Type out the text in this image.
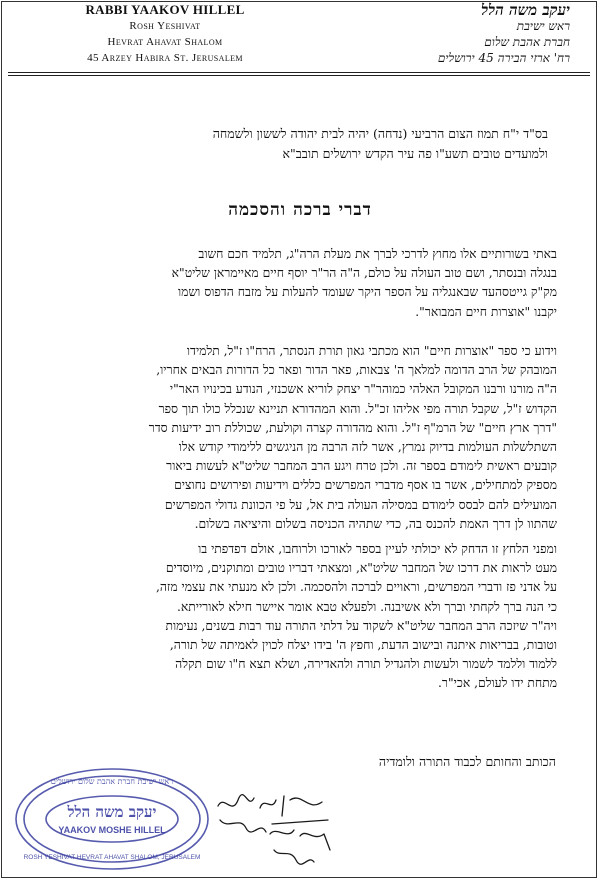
RABBI YAAKOV HILLEL
Rosh Yeshivat
Hevrat Ahavat Shalom
45 Arzey Habira St. Jerusalem
יעקב משה הלל
ראש ישיבת
חברת אהבת שלום
רח' ארזי הבירה 45 ירושלים
בס"ד י"ח תמוז הצום הרביעי (נדחה) יהיה לבית יהודה לששון ולשמחה
ולמועדים טובים תשע"ו פה עיר הקדש ירושלים תובב"א
דברי ברכה והסכמה
באתי בשורותיים אלו מחוץ לדרכי לברך את מעלת הרה"ג, תלמיד חכם חשוב
בנגלה ובנסתר, ושם טוב העולה על כולם, ה"ה הר"ר יוסף חיים מאיימראן שליט"א
מק"ק גייטסהעד שבאנגליה על הספר היקר שעומד להעלות על מזבח הדפוס ושמו
יקבנו "אוצרות חיים המבואר".
וידוע כי ספר "אוצרות חיים" הוא מכתבי גאון תורת הנסתר, הרח"ו ז"ל, תלמידו
המובהק של הרב הדומה למלאך ה' צבאות, פאר הדור ופאר כל הדורות הבאים אחריו,
ה"ה מורנו ורבנו המקובל האלהי כמוהר"ר יצחק לוריא אשכנזי, הנודע בכינויו האר"י
הקדוש ז"ל, שקבל תורה מפי אליהו זכ"ל. והוא המהדורא תניינא שנכלל כולו תוך ספר
"דרך ארץ חיים" של הרמ"ף ז"ל. והוא מהדורה קצרה וקולעת, שכוללת רוב ידיעות סדר
השתלשלות העולמות בדיוק נמרץ, אשר לזה הרבה מן הניגשים ללימודי קודש אלו
קובעים ראשית לימודם בספר זה. ולכן טרח ויגע הרב המחבר שליט"א לעשות ביאור
מספיק למתחילים, אשר בו אסף מדברי המפרשים כללים וידיעות ופירושים נחוצים
המועילים להם לבסס לימודם במסילה העולה בית אל, על פי הכוונת גדולי המפרשים
שהתוו לן דרך האמת להכנס בה, כדי שתהיה הכניסה בשלום והיציאה בשלום.
ומפני הלחץ זו הדחק לא יכולתי לעיין בספר לאורכו ולרוחבו, אולם דפדפתי בו
מעט לראות את דרכו של המחבר שליט"א, ומצאתי דבריו טובים ומתוקנים, מיוסדים
על אדני פז ודברי המפרשים, וראויים לברכה ולהסכמה. ולכן לא מנעתי את עצמי מזה,
כי הנה ברך לקחתי וברך ולא אשיבנה. ולפעלא טבא אומר איישר חילא לאורייתא.
ויה"ר שיזכה הרב המחבר שליט"א לשקוד על דלתי התורה עוד רבות בשנים, נעימות
וטובות, בבריאות איתנה ובישוב הדעת, וחפץ ה' בידו יצלח לכוין לאמיתה של תורה,
ללמוד וללמד לשמור ולעשות ולהגדיל תורה ולהאדירה, ושלא תצא ח"ו שום תקלה
מתחת ידו לעולם, אכי"ר.
הכותב והחותם לכבוד התורה ולומדיה
ראש ישיבת חברת אהבת שלום ירושלים
יעקב משה הלל
YAAKOV MOSHE HILLEL
ROSH YESHIVAT HEVRAT AHAVAT SHALOM, JERUSALEM
